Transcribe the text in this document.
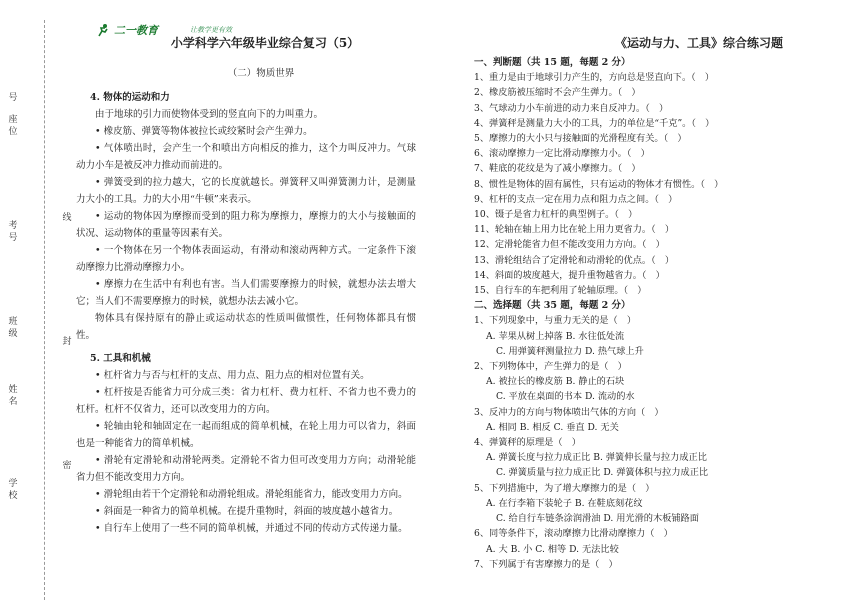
号
座位
考号
班级
姓名
学校
线
封
密
二一教育	让教学更有效

小学科学六年级毕业综合复习（5）

（二）物质世界

4. 物体的运动和力

由于地球的引力而使物体受到的竖直向下的力叫重力。

• 橡皮筋、弹簧等物体被拉长或绞紧时会产生弹力。

• 气体喷出时，会产生一个和喷出方向相反的推力，这个力叫反冲力。气球动力小车是被反冲力推动而前进的。

• 弹簧受到的拉力越大，它的长度就越长。弹簧秤又叫弹簧测力计，是测量力大小的工具。力的大小用“牛顿”来表示。

• 运动的物体因为摩擦而受到的阻力称为摩擦力，摩擦力的大小与接触面的状况、运动物体的重量等因素有关。

• 一个物体在另一个物体表面运动，有滑动和滚动两种方式。一定条件下滚动摩擦力比滑动摩擦力小。

• 摩擦力在生活中有利也有害。当人们需要摩擦力的时候，就想办法去增大它；当人们不需要摩擦力的时候，就想办法去减小它。

物体具有保持原有的静止或运动状态的性质叫做惯性，任何物体都具有惯性。

5. 工具和机械

• 杠杆省力与否与杠杆的支点、用力点、阻力点的相对位置有关。

• 杠杆按是否能省力可分成三类：省力杠杆、费力杠杆、不省力也不费力的杠杆。杠杆不仅省力，还可以改变用力的方向。

• 轮轴由轮和轴固定在一起而组成的简单机械，在轮上用力可以省力，斜面也是一种能省力的简单机械。

• 滑轮有定滑轮和动滑轮两类。定滑轮不省力但可改变用力方向；动滑轮能省力但不能改变用力方向。

• 滑轮组由若干个定滑轮和动滑轮组成。滑轮组能省力，能改变用力方向。

• 斜面是一种省力的简单机械。在提升重物时，斜面的坡度越小越省力。

• 自行车上使用了一些不同的简单机械，并通过不同的传动方式传递力量。

《运动与力、工具》综合练习题

一、判断题（共 15 题，每题 2 分）

1、重力是由于地球引力产生的，方向总是竖直向下。（　）

2、橡皮筋被压缩时不会产生弹力。（　）

3、气球动力小车前进的动力来自反冲力。（　）

4、弹簧秤是测量力大小的工具，力的单位是“千克”。（　）

5、摩擦力的大小只与接触面的光滑程度有关。（　）

6、滚动摩擦力一定比滑动摩擦力小。（　）

7、鞋底的花纹是为了减小摩擦力。（　）

8、惯性是物体的固有属性，只有运动的物体才有惯性。（　）

9、杠杆的支点一定在用力点和阻力点之间。（　）

10、镊子是省力杠杆的典型例子。（　）

11、轮轴在轴上用力比在轮上用力更省力。（　）

12、定滑轮能省力但不能改变用力方向。（　）

13、滑轮组结合了定滑轮和动滑轮的优点。（　）

14、斜面的坡度越大，提升重物越省力。（　）

15、自行车的车把利用了轮轴原理。（　）

二、选择题（共 35 题，每题 2 分）

1、下列现象中，与重力无关的是（　）

A. 苹果从树上掉落 B. 水往低处流

C. 用弹簧秤测量拉力 D. 热气球上升

2、下列物体中，产生弹力的是（　）

A. 被拉长的橡皮筋 B. 静止的石块

C. 平放在桌面的书本 D. 流动的水

3、反冲力的方向与物体喷出气体的方向（　）

A. 相同 B. 相反 C. 垂直 D. 无关

4、弹簧秤的原理是（　）

A. 弹簧长度与拉力成正比 B. 弹簧伸长量与拉力成正比

C. 弹簧质量与拉力成正比 D. 弹簧体积与拉力成正比

5、下列措施中，为了增大摩擦力的是（　）

A. 在行李箱下装轮子 B. 在鞋底刻花纹

C. 给自行车链条涂润滑油 D. 用光滑的木板铺路面

6、同等条件下，滚动摩擦力比滑动摩擦力（　）

A. 大 B. 小 C. 相等 D. 无法比较

7、下列属于有害摩擦力的是（　）
